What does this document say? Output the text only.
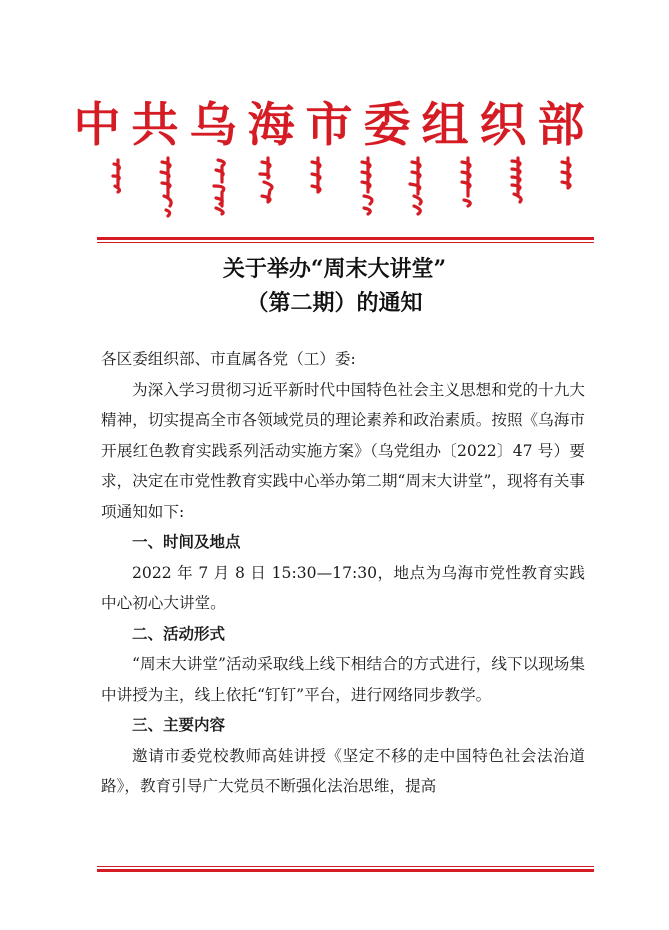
中共乌海市委组织部
关于举办“周末大讲堂”
（第二期）的通知

各区委组织部、市直属各党（工）委:

为深入学习贯彻习近平新时代中国特色社会主义思想和党的十九大精神，切实提高全市各领域党员的理论素养和政治素质。按照《乌海市开展红色教育实践系列活动实施方案》（乌党组办〔2022〕47 号）要求，决定在市党性教育实践中心举办第二期“周末大讲堂”，现将有关事项通知如下:

一、时间及地点

2022 年 7 月 8 日 15:30—17:30，地点为乌海市党性教育实践中心初心大讲堂。

二、活动形式

“周末大讲堂”活动采取线上线下相结合的方式进行，线下以现场集中讲授为主，线上依托“钉钉”平台，进行网络同步教学。

三、主要内容

邀请市委党校教师高娃讲授《坚定不移的走中国特色社会法治道路》，教育引导广大党员不断强化法治思维，提高
